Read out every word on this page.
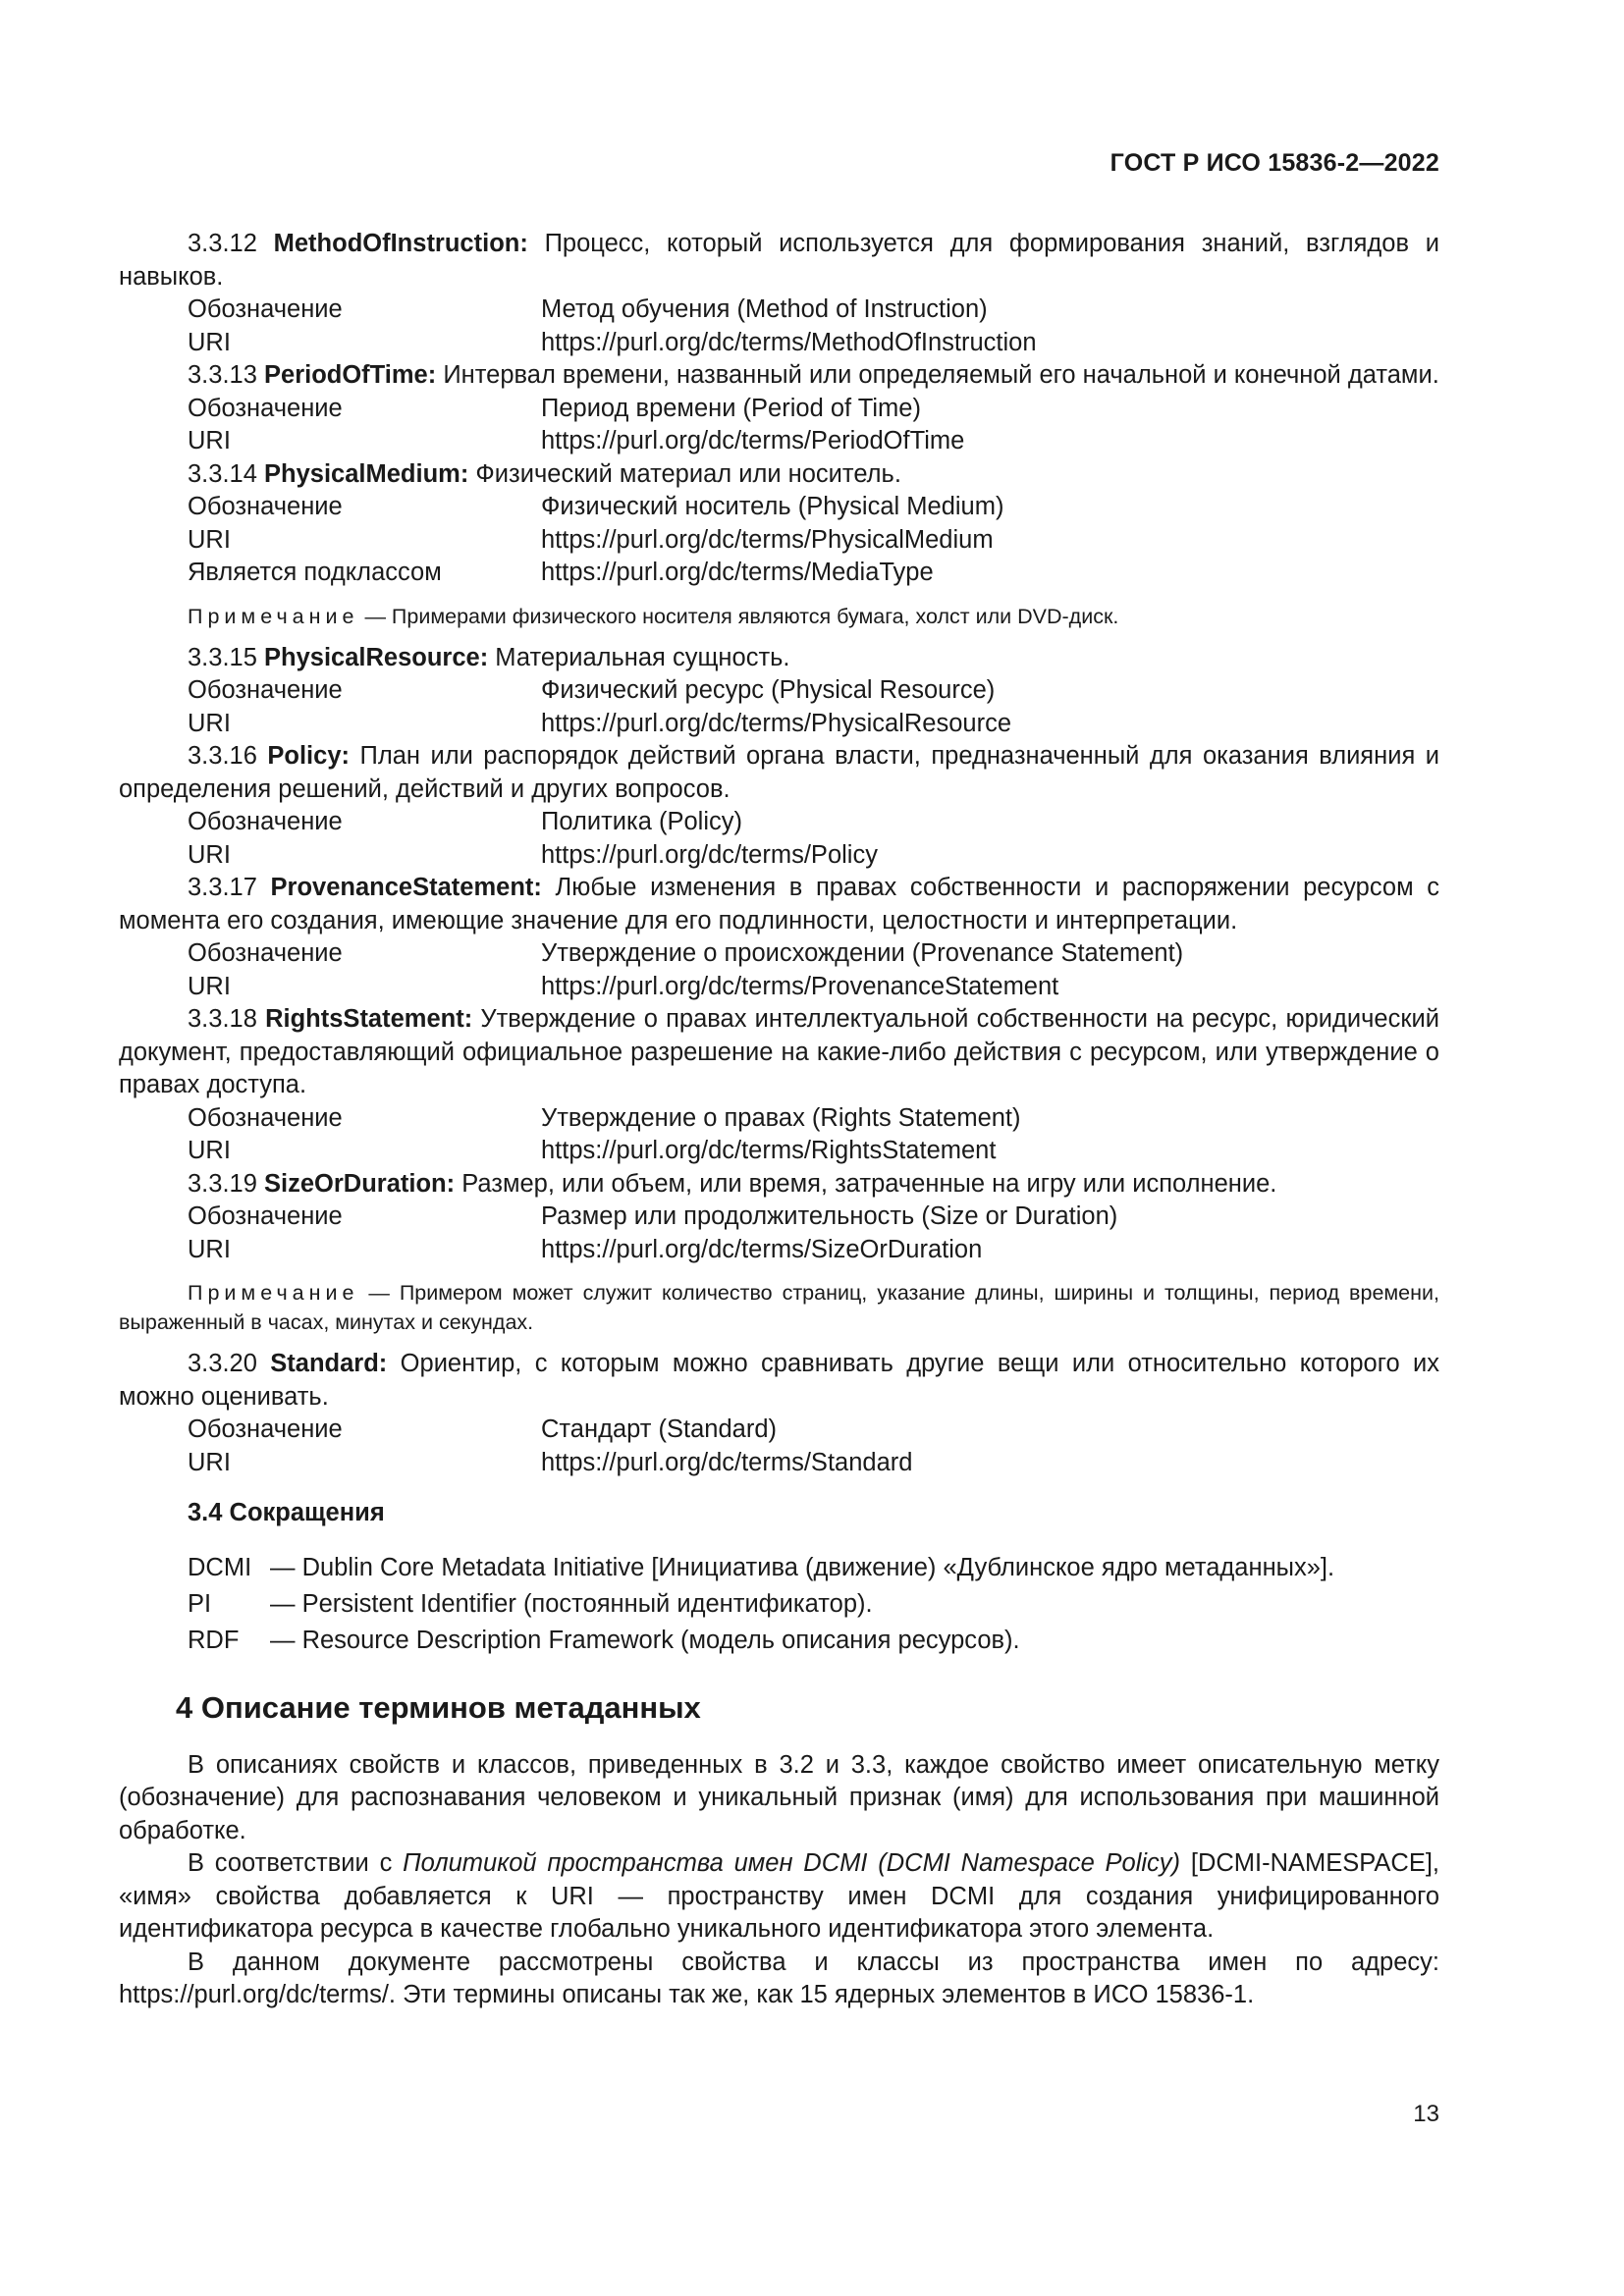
ГОСТ Р ИСО 15836-2—2022

3.3.12 MethodOfInstruction: Процесс, который используется для формирования знаний, взглядов и навыков.

Обозначение	Метод обучения (Method of Instruction)
URI	https://purl.org/dc/terms/MethodOfInstruction

3.3.13 PeriodOfTime: Интервал времени, названный или определяемый его начальной и конечной датами.

Обозначение	Период времени (Period of Time)
URI	https://purl.org/dc/terms/PeriodOfTime

3.3.14 PhysicalMedium: Физический материал или носитель.

Обозначение	Физический носитель (Physical Medium)
URI	https://purl.org/dc/terms/PhysicalMedium
Является подклассом	https://purl.org/dc/terms/MediaType

Примечание — Примерами физического носителя являются бумага, холст или DVD-диск.

3.3.15 PhysicalResource: Материальная сущность.

Обозначение	Физический ресурс (Physical Resource)
URI	https://purl.org/dc/terms/PhysicalResource

3.3.16 Policy: План или распорядок действий органа власти, предназначенный для оказания влияния и определения решений, действий и других вопросов.

Обозначение	Политика (Policy)
URI	https://purl.org/dc/terms/Policy

3.3.17 ProvenanceStatement: Любые изменения в правах собственности и распоряжении ресурсом с момента его создания, имеющие значение для его подлинности, целостности и интерпретации.

Обозначение	Утверждение о происхождении (Provenance Statement)
URI	https://purl.org/dc/terms/ProvenanceStatement

3.3.18 RightsStatement: Утверждение о правах интеллектуальной собственности на ресурс, юридический документ, предоставляющий официальное разрешение на какие-либо действия с ресурсом, или утверждение о правах доступа.

Обозначение	Утверждение о правах (Rights Statement)
URI	https://purl.org/dc/terms/RightsStatement

3.3.19 SizeOrDuration: Размер, или объем, или время, затраченные на игру или исполнение.

Обозначение	Размер или продолжительность (Size or Duration)
URI	https://purl.org/dc/terms/SizeOrDuration

Примечание — Примером может служит количество страниц, указание длины, ширины и толщины, период времени, выраженный в часах, минутах и секундах.

3.3.20 Standard: Ориентир, с которым можно сравнивать другие вещи или относительно которого их можно оценивать.

Обозначение	Стандарт (Standard)
URI	https://purl.org/dc/terms/Standard
3.4 Сокращения
DCMI — Dublin Core Metadata Initiative [Инициатива (движение) «Дублинское ядро метаданных»].
PI	— Persistent Identifier (постоянный идентификатор).
RDF	— Resource Description Framework (модель описания ресурсов).
4 Описание терминов метаданных

В описаниях свойств и классов, приведенных в 3.2 и 3.3, каждое свойство имеет описательную метку (обозначение) для распознавания человеком и уникальный признак (имя) для использования при машинной обработке.

В соответствии с Политикой пространства имен DCMI (DCMI Namespace Policy) [DCMI-NAMESPACE], «имя» свойства добавляется к URI — пространству имен DCMI для создания унифицированного идентификатора ресурса в качестве глобально уникального идентификатора этого элемента.

В данном документе рассмотрены свойства и классы из пространства имен по адресу: https://purl.org/dc/terms/. Эти термины описаны так же, как 15 ядерных элементов в ИСО 15836-1.

13
